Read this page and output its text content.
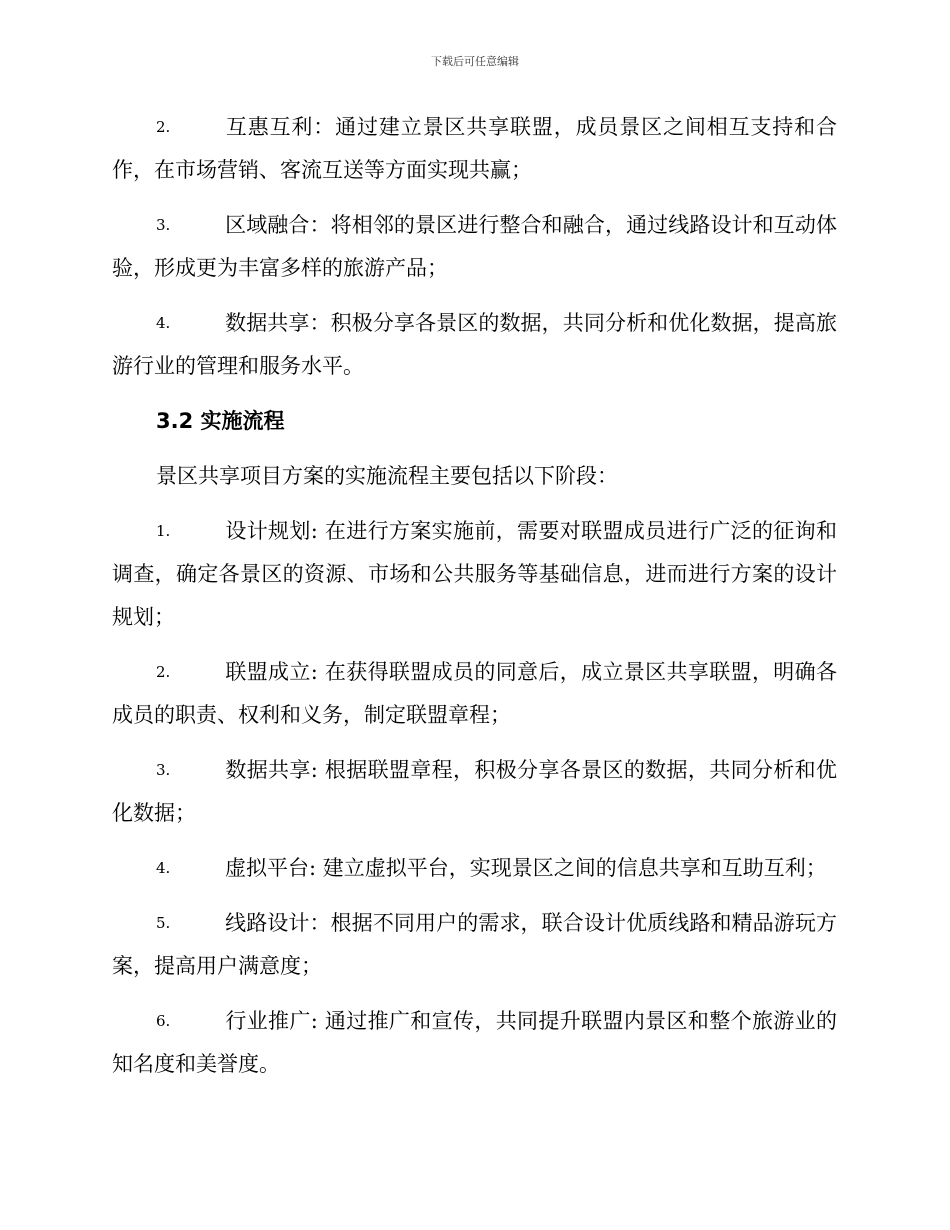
下载后可任意编辑
2.	互惠互利：通过建立景区共享联盟，成员景区之间相互支持和合作，在市场营销、客流互送等方面实现共赢；
3.	区域融合：将相邻的景区进行整合和融合，通过线路设计和互动体验，形成更为丰富多样的旅游产品；
4.	数据共享：积极分享各景区的数据，共同分析和优化数据，提高旅游行业的管理和服务水平。
3.2 实施流程
景区共享项目方案的实施流程主要包括以下阶段：
1.	设计规划: 在进行方案实施前，需要对联盟成员进行广泛的征询和调查，确定各景区的资源、市场和公共服务等基础信息，进而进行方案的设计规划；
2.	联盟成立: 在获得联盟成员的同意后，成立景区共享联盟，明确各成员的职责、权利和义务，制定联盟章程；
3.	数据共享: 根据联盟章程，积极分享各景区的数据，共同分析和优化数据；
4.	虚拟平台: 建立虚拟平台，实现景区之间的信息共享和互助互利；
5.	线路设计：根据不同用户的需求，联合设计优质线路和精品游玩方案，提高用户满意度；
6.	行业推广: 通过推广和宣传，共同提升联盟内景区和整个旅游业的知名度和美誉度。
